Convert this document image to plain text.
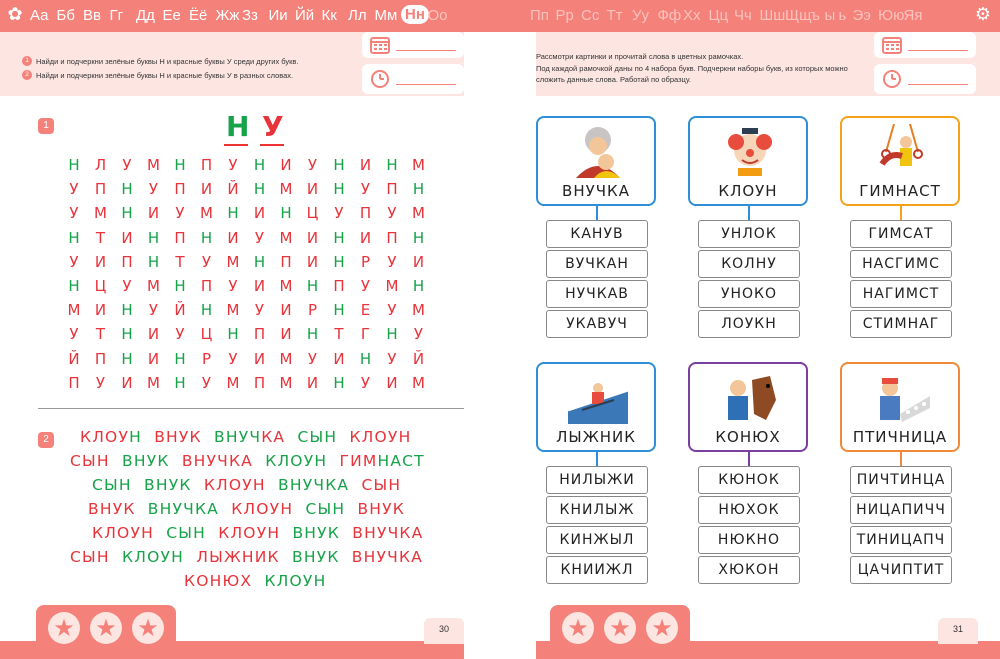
✿	⚙
Аа Бб Вв Гг Дд Ее Ёё Жж Зз Ии Йй Кк Лл Мм Нн Оо	Пп Рр Сс Тт Уу Фф Хх Цц Чч Шш Щщ ъ ы ь Ээ Юю Яя
1 Найди и подчеркни зелёные буквы Н и красные буквы У среди других букв.
2 Найди и подчеркни зелёные буквы Н и красные буквы У в разных словах.
Рассмотри картинки и прочитай слова в цветных рамочках.
Под каждой рамочкой даны по 4 набора букв. Подчеркни наборы букв, из которых можно
сложить данные слова. Работай по образцу.
1	Н У
Н Л	У	М Н П	У	Н И	У	Н И Н М
У	П Н	У	П И Й Н М И Н	У	П Н
У	М Н И	У	М Н И Н Ц	У	П	У	М
Н	Т	И Н П Н И	У	М И Н И П Н
У	И П Н	Т	У	М Н П И Н	Р	У	И
Н Ц	У	М Н П	У	И М Н П	У	М Н
М И Н	У	Й Н М	У	И	Р	Н	Е	У	М
У	Т	Н И	У	Ц Н П И Н	Т	Г	Н	У
Й П Н И Н	Р	У	И М	У	И Н	У	Й
П	У	И М Н	У	М П М И Н	У	И М
2	КЛОУН  ВНУК  ВНУЧКА  СЫН  КЛОУН
СЫН  ВНУК  ВНУЧКА  КЛОУН  ГИМНАСТ
СЫН  ВНУК  КЛОУН  ВНУЧКА  СЫН
ВНУК  ВНУЧКА  КЛОУН  СЫН  ВНУК
КЛОУН  СЫН  КЛОУН  ВНУК  ВНУЧКА
СЫН  КЛОУН  ЛЫЖНИК  ВНУК  ВНУЧКА
КОНЮХ  КЛОУН
ВНУЧКА
КАНУВ
ВУЧКАН
НУЧКАВ
УКАВУЧ
КЛОУН
УНЛОК
КОЛНУ
УНОКО
ЛОУКН
ГИМНАСТ
ГИМСАТ
НАСГИМС
НАГИМСТ
СТИМНАГ
ЛЫЖНИК
НИЛЫЖИ
КНИЛЫЖ
КИНЖЫЛ
КНИИЖЛ
КОНЮХ
КЮНОК
НЮХОК
НЮКНО
ХЮКОН
ПТИЧНИЦА
ПИЧТИНЦА
НИЦАПИЧЧ
ТИНИЦАПЧ
ЦАЧИПТИТ
★ ★ ★	30	★ ★ ★	31
